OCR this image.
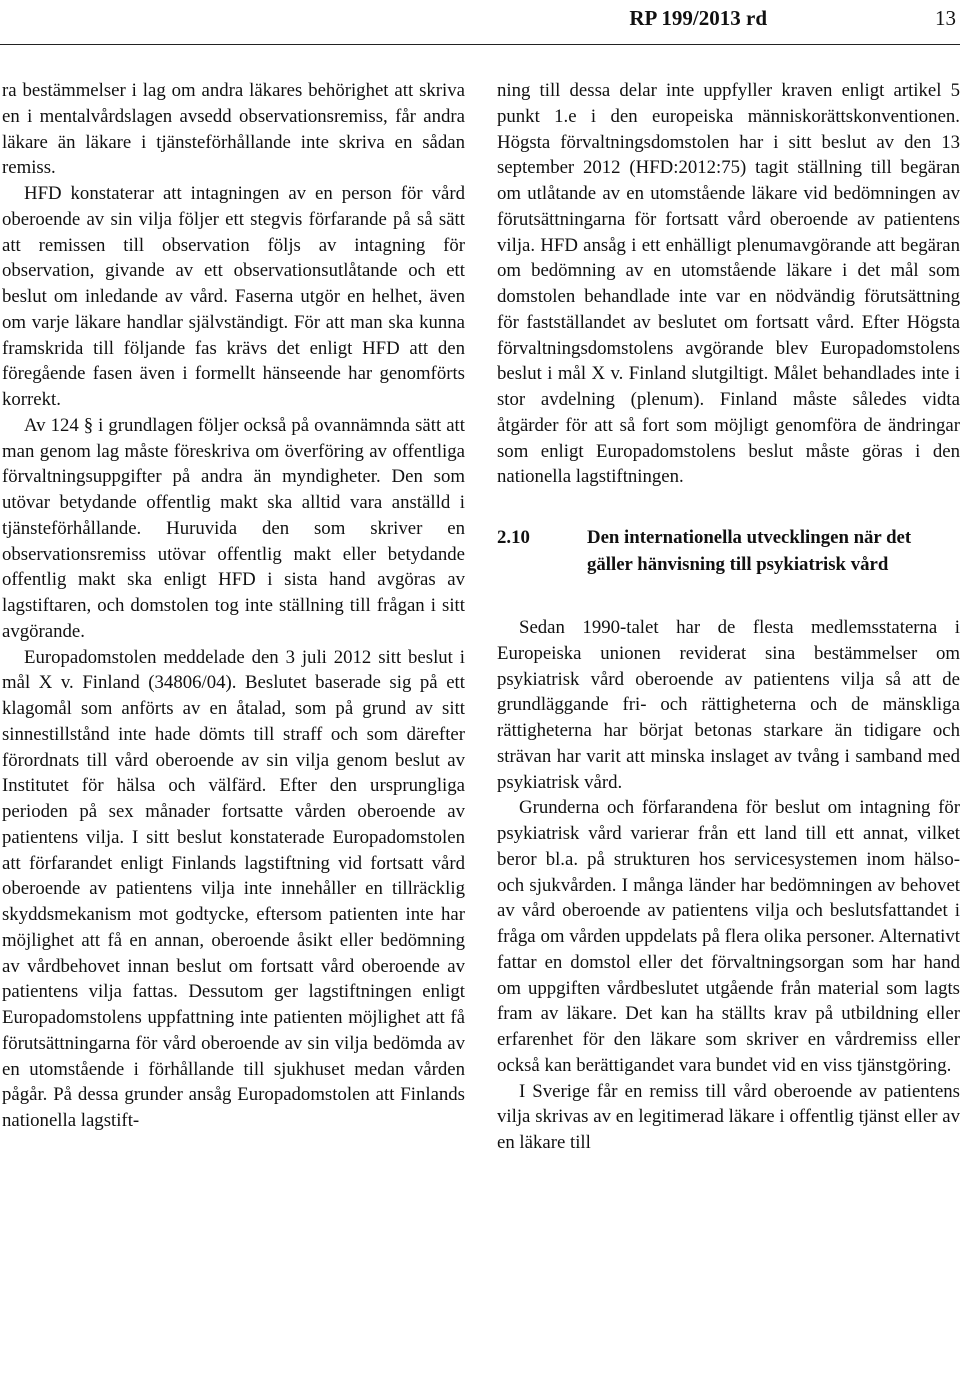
RP 199/2013 rd	13

ra bestämmelser i lag om andra läkares behörighet att skriva en i mentalvårdslagen avsedd observationsremiss, får andra läkare än läkare i tjänsteförhållande inte skriva en sådan remiss.

HFD konstaterar att intagningen av en person för vård oberoende av sin vilja följer ett stegvis förfarande på så sätt att remissen till observation följs av intagning för observation, givande av ett observationsutlåtande och ett beslut om inledande av vård. Faserna utgör en helhet, även om varje läkare handlar självständigt. För att man ska kunna framskrida till följande fas krävs det enligt HFD att den föregående fasen även i formellt hänseende har genomförts korrekt.

Av 124 § i grundlagen följer också på ovannämnda sätt att man genom lag måste föreskriva om överföring av offentliga förvaltningsuppgifter på andra än myndigheter. Den som utövar betydande offentlig makt ska alltid vara anställd i tjänsteförhållande. Huruvida den som skriver en observationsremiss utövar offentlig makt eller betydande offentlig makt ska enligt HFD i sista hand avgöras av lagstiftaren, och domstolen tog inte ställning till frågan i sitt avgörande.

Europadomstolen meddelade den 3 juli 2012 sitt beslut i mål X v. Finland (34806/04). Beslutet baserade sig på ett klagomål som anförts av en åtalad, som på grund av sitt sinnestillstånd inte hade dömts till straff och som därefter förordnats till vård oberoende av sin vilja genom beslut av Institutet för hälsa och välfärd. Efter den ursprungliga perioden på sex månader fortsatte vården oberoende av patientens vilja. I sitt beslut konstaterade Europadomstolen att förfarandet enligt Finlands lagstiftning vid fortsatt vård oberoende av patientens vilja inte innehåller en tillräcklig skyddsmekanism mot godtycke, eftersom patienten inte har möjlighet att få en annan, oberoende åsikt eller bedömning av vårdbehovet innan beslut om fortsatt vård oberoende av patientens vilja fattas. Dessutom ger lagstiftningen enligt Europadomstolens uppfattning inte patienten möjlighet att få förutsättningarna för vård oberoende av sin vilja bedömda av en utomstående i förhållande till sjukhuset medan vården pågår. På dessa grunder ansåg Europadomstolen att Finlands nationella lagstift-

ning till dessa delar inte uppfyller kraven enligt artikel 5 punkt 1.e i den europeiska människorättskonventionen. Högsta förvaltningsdomstolen har i sitt beslut av den 13 september 2012 (HFD:2012:75) tagit ställning till begäran om utlåtande av en utomstående läkare vid bedömningen av förutsättningarna för fortsatt vård oberoende av patientens vilja. HFD ansåg i ett enhälligt plenumavgörande att begäran om bedömning av en utomstående läkare i det mål som domstolen behandlade inte var en nödvändig förutsättning för fastställandet av beslutet om fortsatt vård. Efter Högsta förvaltningsdomstolens avgörande blev Europadomstolens beslut i mål X v. Finland slutgiltigt. Målet behandlades inte i stor avdelning (plenum). Finland måste således vidta åtgärder för att så fort som möjligt genomföra de ändringar som enligt Europadomstolens beslut måste göras i den nationella lagstiftningen.

2.10	Den internationella utvecklingen när det gäller hänvisning till psykiatrisk vård

Sedan 1990-talet har de flesta medlemsstaterna i Europeiska unionen reviderat sina bestämmelser om psykiatrisk vård oberoende av patientens vilja så att de grundläggande fri- och rättigheterna och de mänskliga rättigheterna har börjat betonas starkare än tidigare och strävan har varit att minska inslaget av tvång i samband med psykiatrisk vård.

Grunderna och förfarandena för beslut om intagning för psykiatrisk vård varierar från ett land till ett annat, vilket beror bl.a. på strukturen hos servicesystemen inom hälso- och sjukvården. I många länder har bedömningen av behovet av vård oberoende av patientens vilja och beslutsfattandet i fråga om vården uppdelats på flera olika personer. Alternativt fattar en domstol eller det förvaltningsorgan som har hand om uppgiften vårdbeslutet utgående från material som lagts fram av läkare. Det kan ha ställts krav på utbildning eller erfarenhet för den läkare som skriver en vårdremiss eller också kan berättigandet vara bundet vid en viss tjänstgöring.

I Sverige får en remiss till vård oberoende av patientens vilja skrivas av en legitimerad läkare i offentlig tjänst eller av en läkare till
